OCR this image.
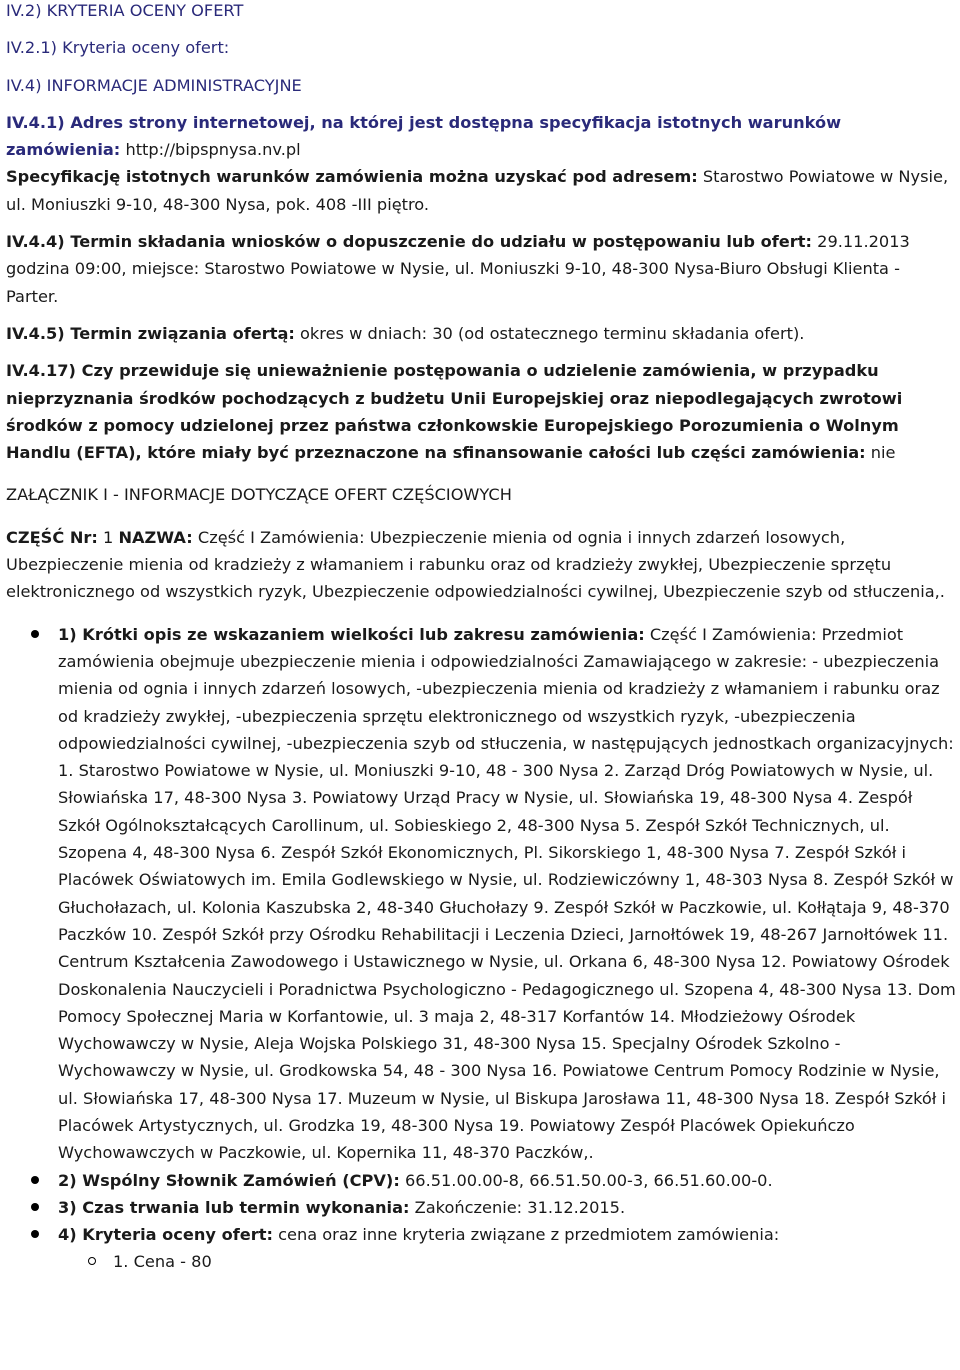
IV.2) KRYTERIA OCENY OFERT

IV.2.1) Kryteria oceny ofert:

IV.4) INFORMACJE ADMINISTRACYJNE

IV.4.1) Adres strony internetowej, na której jest dostępna specyfikacja istotnych warunków zamówienia: http://bipspnysa.nv.pl

Specyfikację istotnych warunków zamówienia można uzyskać pod adresem: Starostwo Powiatowe w Nysie, ul. Moniuszki 9-10, 48-300 Nysa, pok. 408 -III piętro.

IV.4.4) Termin składania wniosków o dopuszczenie do udziału w postępowaniu lub ofert: 29.11.2013 godzina 09:00, miejsce: Starostwo Powiatowe w Nysie, ul. Moniuszki 9-10, 48-300 Nysa-Biuro Obsługi Klienta - Parter.

IV.4.5) Termin związania ofertą: okres w dniach: 30 (od ostatecznego terminu składania ofert).

IV.4.17) Czy przewiduje się unieważnienie postępowania o udzielenie zamówienia, w przypadku nieprzyznania środków pochodzących z budżetu Unii Europejskiej oraz niepodlegających zwrotowi środków z pomocy udzielonej przez państwa członkowskie Europejskiego Porozumienia o Wolnym Handlu (EFTA), które miały być przeznaczone na sfinansowanie całości lub części zamówienia: nie

ZAŁĄCZNIK I - INFORMACJE DOTYCZĄCE OFERT CZĘŚCIOWYCH

CZĘŚĆ Nr: 1 NAZWA: Część I Zamówienia: Ubezpieczenie mienia od ognia i innych zdarzeń losowych, Ubezpieczenie mienia od kradzieży z włamaniem i rabunku oraz od kradzieży zwykłej, Ubezpieczenie sprzętu elektronicznego od wszystkich ryzyk, Ubezpieczenie odpowiedzialności cywilnej, Ubezpieczenie szyb od stłuczenia,.

1) Krótki opis ze wskazaniem wielkości lub zakresu zamówienia: Część I Zamówienia: Przedmiot zamówienia obejmuje ubezpieczenie mienia i odpowiedzialności Zamawiającego w zakresie: - ubezpieczenia mienia od ognia i innych zdarzeń losowych, -ubezpieczenia mienia od kradzieży z włamaniem i rabunku oraz od kradzieży zwykłej, -ubezpieczenia sprzętu elektronicznego od wszystkich ryzyk, -ubezpieczenia odpowiedzialności cywilnej, -ubezpieczenia szyb od stłuczenia, w następujących jednostkach organizacyjnych: 1. Starostwo Powiatowe w Nysie, ul. Moniuszki 9-10, 48 - 300 Nysa 2. Zarząd Dróg Powiatowych w Nysie, ul. Słowiańska 17, 48-300 Nysa 3. Powiatowy Urząd Pracy w Nysie, ul. Słowiańska 19, 48-300 Nysa 4. Zespół Szkół Ogólnokształcących Carollinum, ul. Sobieskiego 2, 48-300 Nysa 5. Zespół Szkół Technicznych, ul. Szopena 4, 48-300 Nysa 6. Zespół Szkół Ekonomicznych, Pl. Sikorskiego 1, 48-300 Nysa 7. Zespół Szkół i Placówek Oświatowych im. Emila Godlewskiego w Nysie, ul. Rodziewiczówny 1, 48-303 Nysa 8. Zespół Szkół w Głuchołazach, ul. Kolonia Kaszubska 2, 48-340 Głuchołazy 9. Zespół Szkół w Paczkowie, ul. Kołłątaja 9, 48-370 Paczków 10. Zespół Szkół przy Ośrodku Rehabilitacji i Leczenia Dzieci, Jarnołtówek 19, 48-267 Jarnołtówek 11. Centrum Kształcenia Zawodowego i Ustawicznego w Nysie, ul. Orkana 6, 48-300 Nysa 12. Powiatowy Ośrodek Doskonalenia Nauczycieli i Poradnictwa Psychologiczno - Pedagogicznego ul. Szopena 4, 48-300 Nysa 13. Dom Pomocy Społecznej Maria w Korfantowie, ul. 3 maja 2, 48-317 Korfantów 14. Młodzieżowy Ośrodek Wychowawczy w Nysie, Aleja Wojska Polskiego 31, 48-300 Nysa 15. Specjalny Ośrodek Szkolno - Wychowawczy w Nysie, ul. Grodkowska 54, 48 - 300 Nysa 16. Powiatowe Centrum Pomocy Rodzinie w Nysie, ul. Słowiańska 17, 48-300 Nysa 17. Muzeum w Nysie, ul Biskupa Jarosława 11, 48-300 Nysa 18. Zespół Szkół i Placówek Artystycznych, ul. Grodzka 19, 48-300 Nysa 19. Powiatowy Zespół Placówek Opiekuńczo Wychowawczych w Paczkowie, ul. Kopernika 11, 48-370 Paczków,.
2) Wspólny Słownik Zamówień (CPV): 66.51.00.00-8, 66.51.50.00-3, 66.51.60.00-0.
3) Czas trwania lub termin wykonania: Zakończenie: 31.12.2015.
4) Kryteria oceny ofert: cena oraz inne kryteria związane z przedmiotem zamówienia:
1. Cena - 80
